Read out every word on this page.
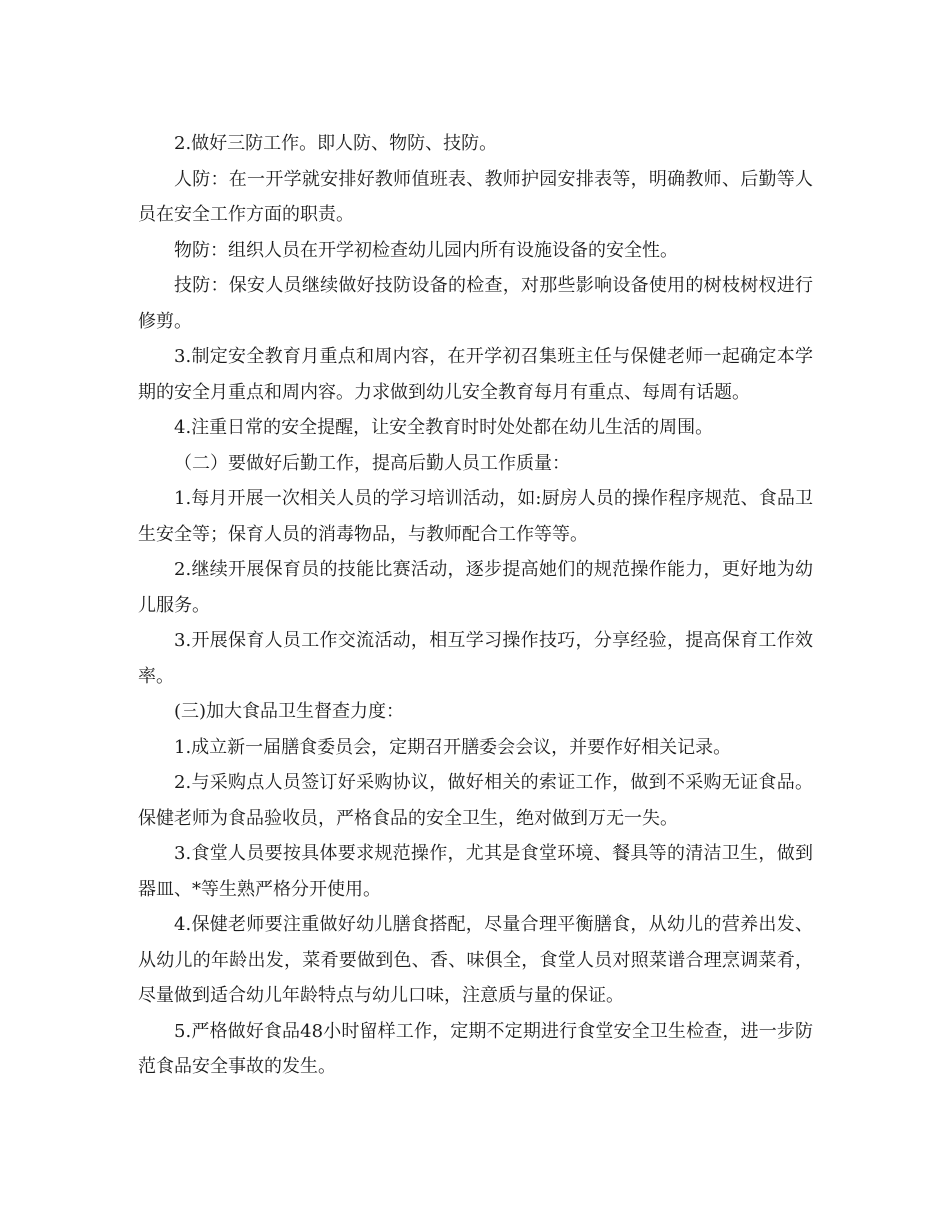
2.做好三防工作。即人防、物防、技防。

人防：在一开学就安排好教师值班表、教师护园安排表等，明确教师、后勤等人员在安全工作方面的职责。

物防：组织人员在开学初检查幼儿园内所有设施设备的安全性。

技防：保安人员继续做好技防设备的检查，对那些影响设备使用的树枝树杈进行修剪。

3.制定安全教育月重点和周内容，在开学初召集班主任与保健老师一起确定本学期的安全月重点和周内容。力求做到幼儿安全教育每月有重点、每周有话题。

4.注重日常的安全提醒，让安全教育时时处处都在幼儿生活的周围。

（二）要做好后勤工作，提高后勤人员工作质量：

1.每月开展一次相关人员的学习培训活动，如:厨房人员的操作程序规范、食品卫生安全等；保育人员的消毒物品，与教师配合工作等等。

2.继续开展保育员的技能比赛活动，逐步提高她们的规范操作能力，更好地为幼儿服务。

3.开展保育人员工作交流活动，相互学习操作技巧，分享经验，提高保育工作效率。

(三)加大食品卫生督查力度：

1.成立新一届膳食委员会，定期召开膳委会会议，并要作好相关记录。

2.与采购点人员签订好采购协议，做好相关的索证工作，做到不采购无证食品。保健老师为食品验收员，严格食品的安全卫生，绝对做到万无一失。

3.食堂人员要按具体要求规范操作，尤其是食堂环境、餐具等的清洁卫生，做到器皿、*等生熟严格分开使用。

4.保健老师要注重做好幼儿膳食搭配，尽量合理平衡膳食，从幼儿的营养出发、从幼儿的年龄出发，菜肴要做到色、香、味俱全，食堂人员对照菜谱合理烹调菜肴，尽量做到适合幼儿年龄特点与幼儿口味，注意质与量的保证。

5.严格做好食品48小时留样工作，定期不定期进行食堂安全卫生检查，进一步防范食品安全事故的发生。
